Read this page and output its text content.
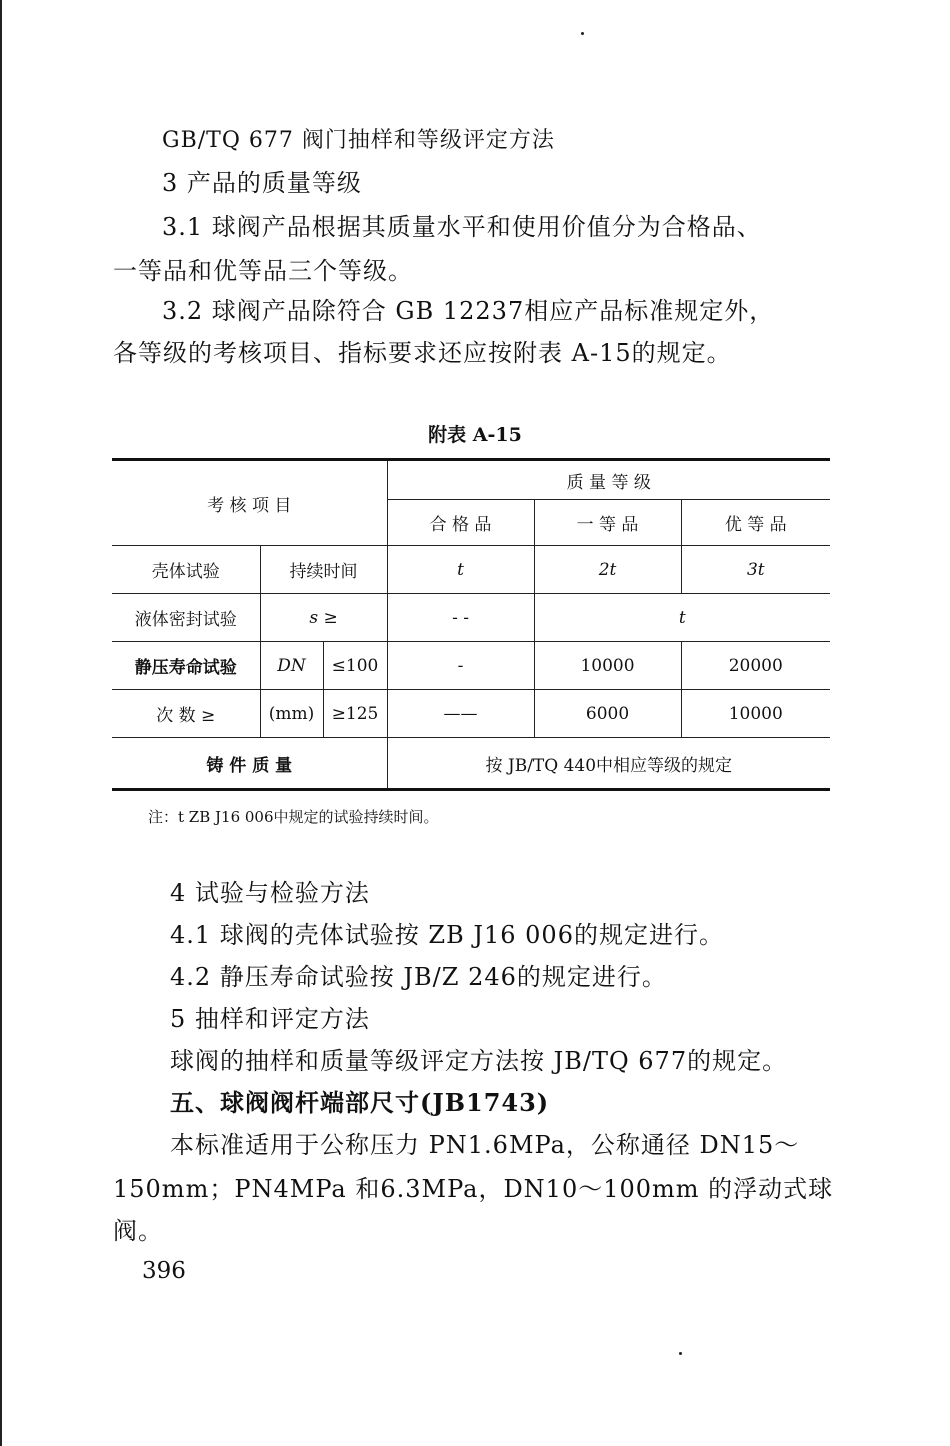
GB/TQ 677 阀门抽样和等级评定方法
3 产品的质量等级
3.1 球阀产品根据其质量水平和使用价值分为合格品、
一等品和优等品三个等级。
3.2 球阀产品除符合 GB 12237相应产品标准规定外，
各等级的考核项目、指标要求还应按附表 A-15的规定。
附表 A-15
考 核 项 目			质 量 等 级		
			合 格 品	一 等 品	优 等 品
壳体试验	持续时间		t	2t	3t
液体密封试验	s ≥		- -	t	
静压寿命试验	DN	≤100	-	10000	20000
次 数 ≥	(mm)	≥125	——	6000	10000
铸 件 质 量			按 JB/TQ 440中相应等级的规定		
注：t ZB J16 006中规定的试验持续时间。
4 试验与检验方法
4.1 球阀的壳体试验按 ZB J16 006的规定进行。
4.2 静压寿命试验按 JB/Z 246的规定进行。
5 抽样和评定方法
球阀的抽样和质量等级评定方法按 JB/TQ 677的规定。
五、球阀阀杆端部尺寸(JB1743)
本标准适用于公称压力 PN1.6MPa，公称通径 DN15～
150mm；PN4MPa 和6.3MPa，DN10～100mm 的浮动式球
阀。
396
